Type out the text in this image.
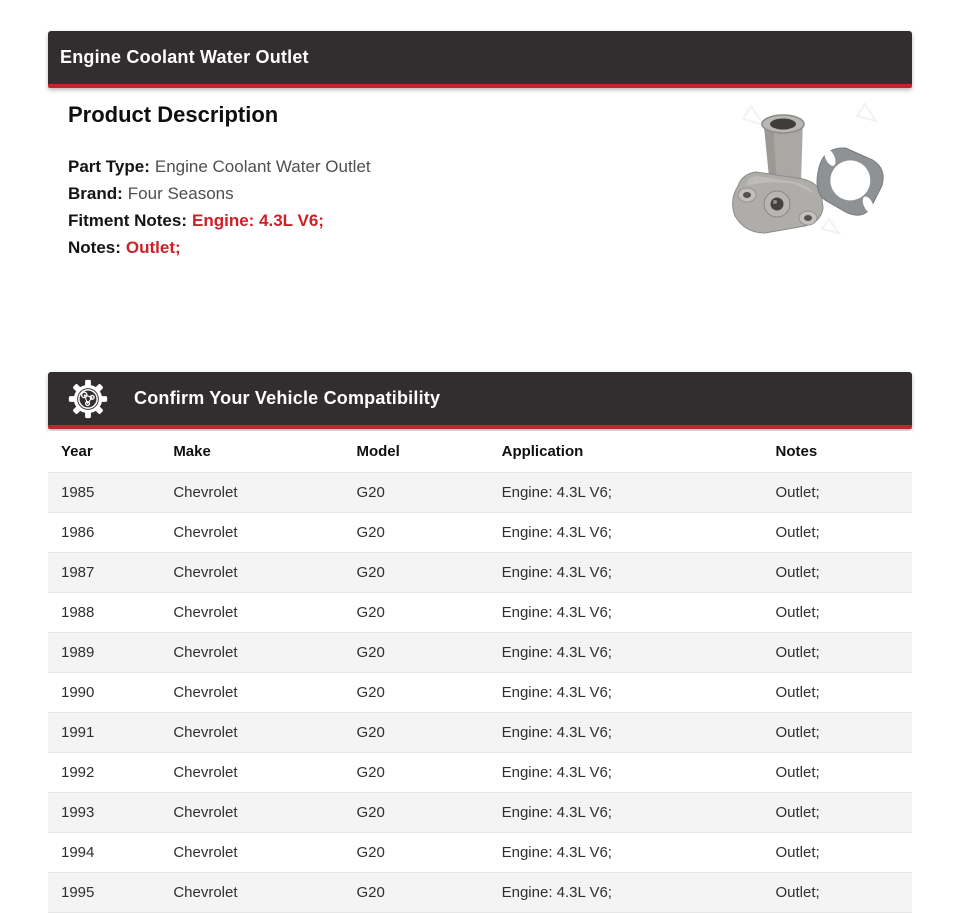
Engine Coolant Water Outlet
Product Description
Part Type: Engine Coolant Water Outlet
Brand: Four Seasons
Fitment Notes: Engine: 4.3L V6;
Notes: Outlet;
Confirm Your Vehicle Compatibility
Year	Make	Model	Application	Notes
1985	Chevrolet	G20	Engine: 4.3L V6;	Outlet;
1986	Chevrolet	G20	Engine: 4.3L V6;	Outlet;
1987	Chevrolet	G20	Engine: 4.3L V6;	Outlet;
1988	Chevrolet	G20	Engine: 4.3L V6;	Outlet;
1989	Chevrolet	G20	Engine: 4.3L V6;	Outlet;
1990	Chevrolet	G20	Engine: 4.3L V6;	Outlet;
1991	Chevrolet	G20	Engine: 4.3L V6;	Outlet;
1992	Chevrolet	G20	Engine: 4.3L V6;	Outlet;
1993	Chevrolet	G20	Engine: 4.3L V6;	Outlet;
1994	Chevrolet	G20	Engine: 4.3L V6;	Outlet;
1995	Chevrolet	G20	Engine: 4.3L V6;	Outlet;
